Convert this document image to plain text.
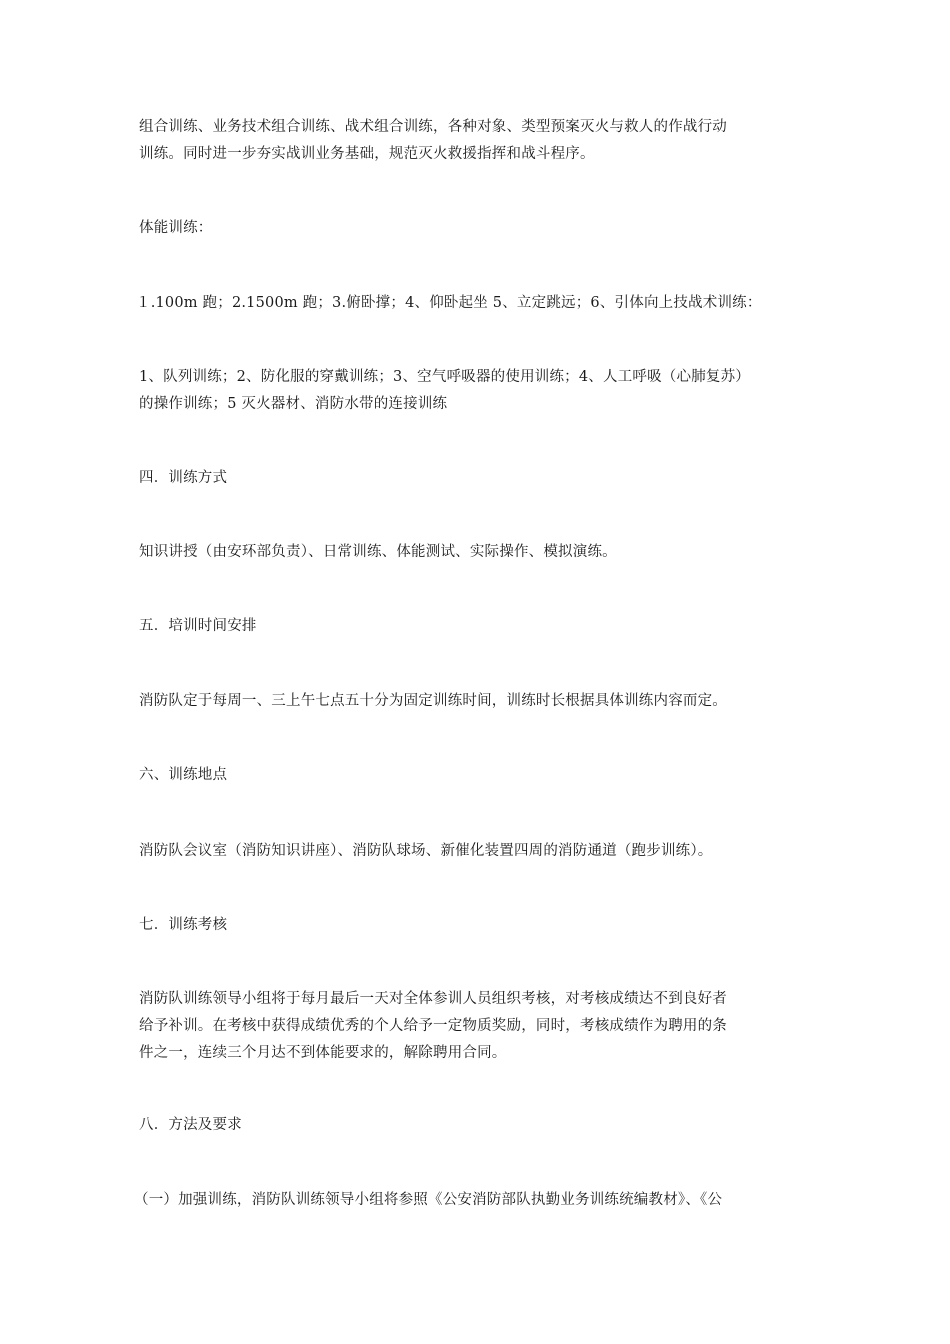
组合训练、业务技术组合训练、战术组合训练，各种对象、类型预案灭火与救人的作战行动
训练。同时进一步夯实战训业务基础，规范灭火救援指挥和战斗程序。
体能训练：
１.100m 跑；2.1500m 跑；3.俯卧撑；4、仰卧起坐 5、立定跳远；6、引体向上技战术训练：
1、队列训练；2、防化服的穿戴训练；3、空气呼吸器的使用训练；4、人工呼吸（心肺复苏）
的操作训练；5 灭火器材、消防水带的连接训练
四．训练方式
知识讲授（由安环部负责）、日常训练、体能测试、实际操作、模拟演练。
五．培训时间安排
消防队定于每周一、三上午七点五十分为固定训练时间，训练时长根据具体训练内容而定。
六、训练地点
消防队会议室（消防知识讲座）、消防队球场、新催化装置四周的消防通道（跑步训练）。
七．训练考核
消防队训练领导小组将于每月最后一天对全体参训人员组织考核，对考核成绩达不到良好者
给予补训。在考核中获得成绩优秀的个人给予一定物质奖励，同时，考核成绩作为聘用的条
件之一，连续三个月达不到体能要求的，解除聘用合同。
八．方法及要求
（一）加强训练，消防队训练领导小组将参照《公安消防部队执勤业务训练统编教材》、《公
